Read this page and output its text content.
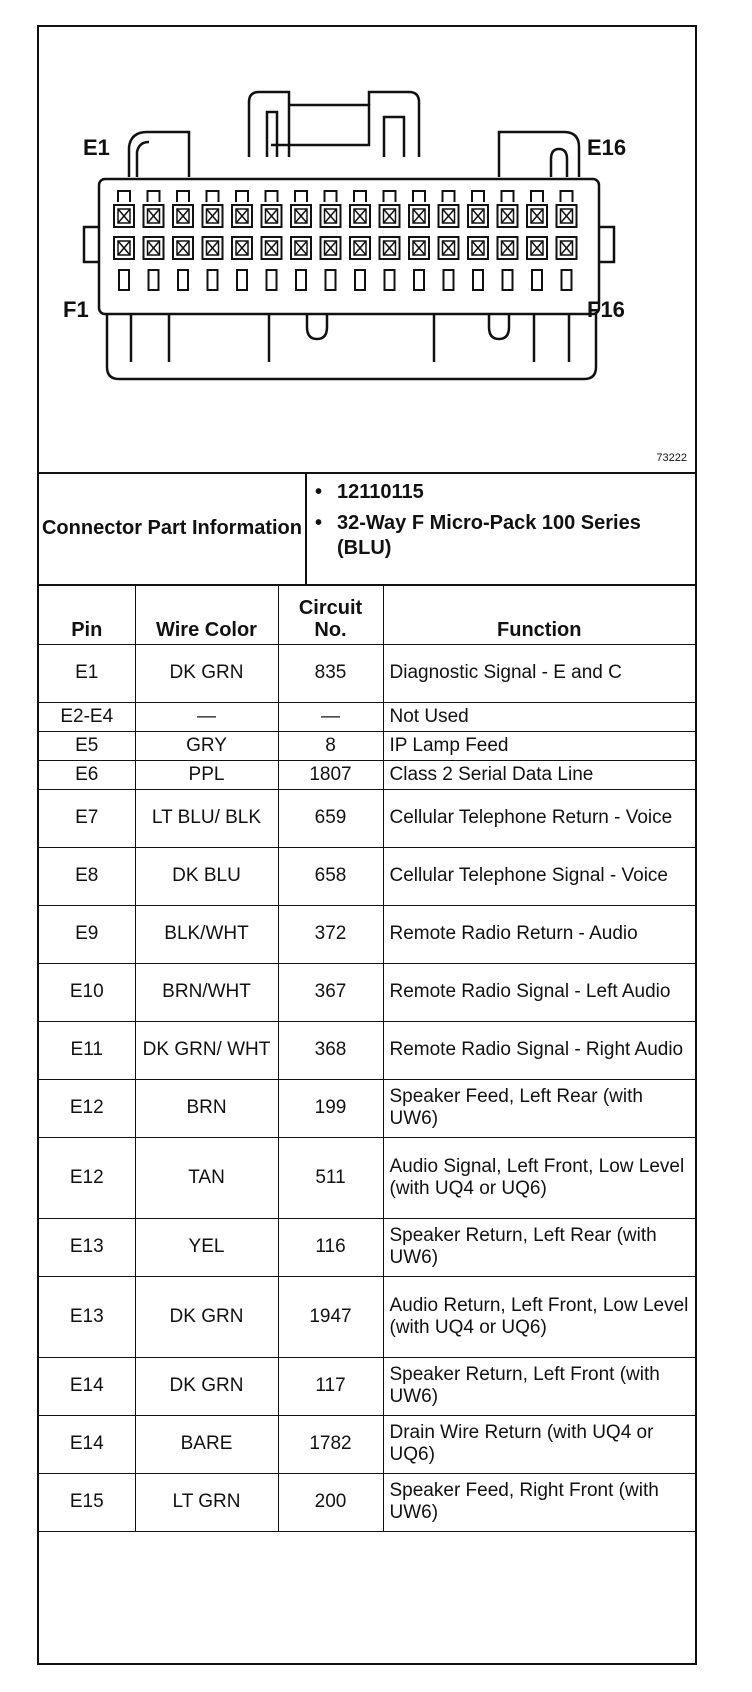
E1	E16
F1	F16
73222
Connector Part Information
• 12110115
• 32-Way F Micro-Pack 100 Series (BLU)
Pin	Wire Color	Circuit No.	Function
E1	DK GRN	835	Diagnostic Signal - E and C
E2-E4	—	—	Not Used
E5	GRY	8	IP Lamp Feed
E6	PPL	1807	Class 2 Serial Data Line
E7	LT BLU/ BLK	659	Cellular Telephone Return - Voice
E8	DK BLU	658	Cellular Telephone Signal - Voice
E9	BLK/WHT	372	Remote Radio Return - Audio
E10	BRN/WHT	367	Remote Radio Signal - Left Audio
E11	DK GRN/ WHT	368	Remote Radio Signal - Right Audio
E12	BRN	199	Speaker Feed, Left Rear (with UW6)
E12	TAN	511	Audio Signal, Left Front, Low Level (with UQ4 or UQ6)
E13	YEL	116	Speaker Return, Left Rear (with UW6)
E13	DK GRN	1947	Audio Return, Left Front, Low Level (with UQ4 or UQ6)
E14	DK GRN	117	Speaker Return, Left Front (with UW6)
E14	BARE	1782	Drain Wire Return (with UQ4 or UQ6)
E15	LT GRN	200	Speaker Feed, Right Front (with UW6)
